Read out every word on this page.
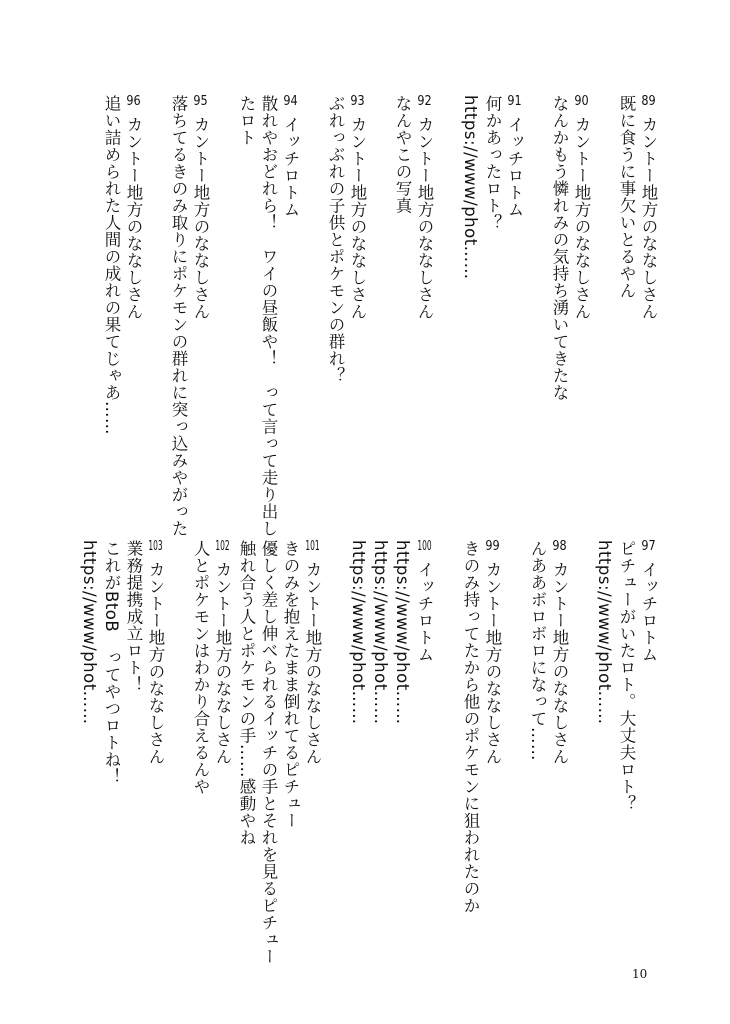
89カントー地方のななしさん
既に食うに事欠いとるやん
90カントー地方のななしさん
なんかもう憐れみの気持ち湧いてきたな
91イッチロトム
何かあったロト？
https://www/phot……
92カントー地方のななしさん
なんやこの写真
93カントー地方のななしさん
ぶれっぶれの子供とポケモンの群れ？
94イッチロトム
散れやおどれら！　ワイの昼飯や！　って言って走り出し
たロト
95カントー地方のななしさん
落ちてるきのみ取りにポケモンの群れに突っ込みやがった
96カントー地方のななしさん
追い詰められた人間の成れの果てじゃあ……
97イッチロトム
ピチューがいたロト。大丈夫ロト？
https://www/phot……
98カントー地方のななしさん
んああボロボロになって……
99カントー地方のななしさん
きのみ持ってたから他のポケモンに狙われたのか
100イッチロトム
https://www/phot……
https://www/phot……
https://www/phot……
101カントー地方のななしさん
きのみを抱えたまま倒れてるピチュー
優しく差し伸べられるイッチの手とそれを見るピチュー
触れ合う人とポケモンの手……感動やね
102カントー地方のななしさん
人とポケモンはわかり合えるんや
103カントー地方のななしさん
業務提携成立ロト！
これがBtoB　ってやつロトね！
https://www/phot……
10
